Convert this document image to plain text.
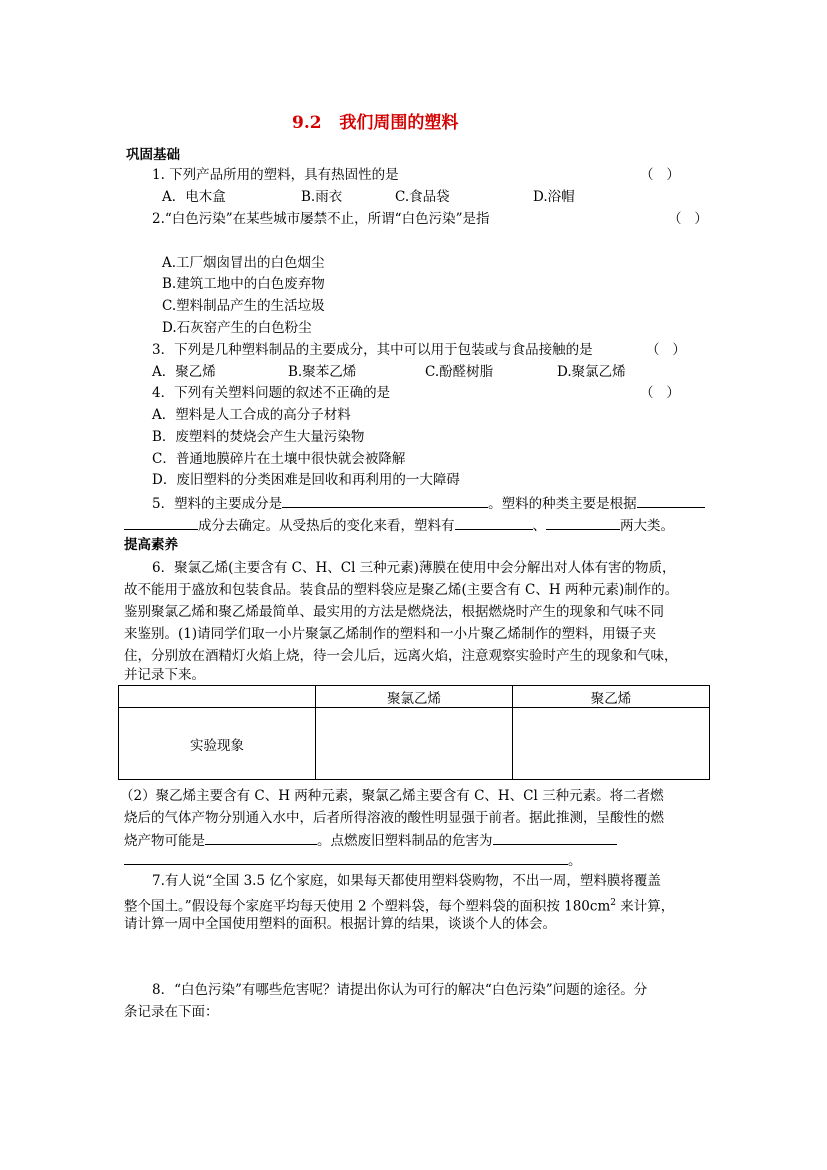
9.2   我们周围的塑料
巩固基础
1. 下列产品所用的塑料，具有热固性的是	（   ）
A．电木盒	B.雨衣	C.食品袋	D.浴帽
2.“白色污染”在某些城市屡禁不止，所谓“白色污染”是指	（   ）
A.工厂烟囱冒出的白色烟尘
B.建筑工地中的白色废弃物
C.塑料制品产生的生活垃圾
D.石灰窑产生的白色粉尘
3．下列是几种塑料制品的主要成分，其中可以用于包装或与食品接触的是	（   ）
A．聚乙烯	B.聚苯乙烯	C.酚醛树脂	D.聚氯乙烯
4．下列有关塑料问题的叙述不正确的是	（   ）
A．塑料是人工合成的高分子材料
B．废塑料的焚烧会产生大量污染物
C．普通地膜碎片在土壤中很快就会被降解
D．废旧塑料的分类困难是回收和再利用的一大障碍
5．塑料的主要成分是	。塑料的种类主要是根据
成分去确定。从受热后的变化来看，塑料有	、	两大类。
提高素养
6．聚氯乙烯(主要含有 C、H、Cl 三种元素)薄膜在使用中会分解出对人体有害的物质，
故不能用于盛放和包装食品。装食品的塑料袋应是聚乙烯(主要含有 C、H 两种元素)制作的。
鉴别聚氯乙烯和聚乙烯最简单、最实用的方法是燃烧法，根据燃烧时产生的现象和气味不同
来鉴别。(1)请同学们取一小片聚氯乙烯制作的塑料和一小片聚乙烯制作的塑料，用镊子夹
住，分别放在酒精灯火焰上烧，待一会儿后，远离火焰，注意观察实验时产生的现象和气味，
并记录下来。
	聚氯乙烯	聚乙烯
实验现象		
（2）聚乙烯主要含有 C、H 两种元素，聚氯乙烯主要含有 C、H、Cl 三种元素。将二者燃
烧后的气体产物分别通入水中，后者所得溶液的酸性明显强于前者。据此推测，呈酸性的燃
烧产物可能是	。点燃废旧塑料制品的危害为
。
7.有人说“全国 3.5 亿个家庭，如果每天都使用塑料袋购物，不出一周，塑料膜将覆盖
整个国土。”假设每个家庭平均每天使用 2 个塑料袋，每个塑料袋的面积按 $180cm^2$ 来计算，
请计算一周中全国使用塑料的面积。根据计算的结果，谈谈个人的体会。
8．“白色污染”有哪些危害呢？请提出你认为可行的解决“白色污染”问题的途径。分
条记录在下面：
